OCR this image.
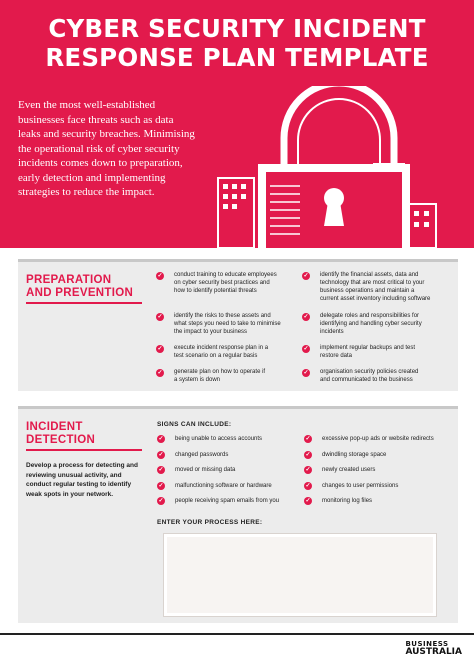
CYBER SECURITY INCIDENT
RESPONSE PLAN TEMPLATE

Even the most well-established businesses face threats such as data leaks and security breaches. Minimising the operational risk of cyber security incidents comes down to preparation, early detection and implementing strategies to reduce the impact.

PREPARATION
AND PREVENTION
✓ conduct training to educate employees
on cyber security best practices and
how to identify potential threats
✓ identify the risks to these assets and
what steps you need to take to minimise
the impact to your business
✓ execute incident response plan in a
test scenario on a regular basis
✓ generate plan on how to operate if
a system is down
✓ identify the financial assets, data and
technology that are most critical to your
business operations and maintain a
current asset inventory including software
✓ delegate roles and responsibilities for
identifying and handling cyber security
incidents
✓ implement regular backups and test
restore data
✓ organisation security policies created
and communicated to the business
INCIDENT
DETECTION

Develop a process for detecting and reviewing unusual activity, and conduct regular testing to identify weak spots in your network.

SIGNS CAN INCLUDE:
✓ being unable to access accounts
✓ changed passwords
✓ moved or missing data
✓ malfunctioning software or hardware
✓ people receiving spam emails from you
✓ excessive pop-up ads or website redirects
✓ dwindling storage space
✓ newly created users
✓ changes to user permissions
✓ monitoring log files
ENTER YOUR PROCESS HERE:
BUSINESS
AUSTRALIA
